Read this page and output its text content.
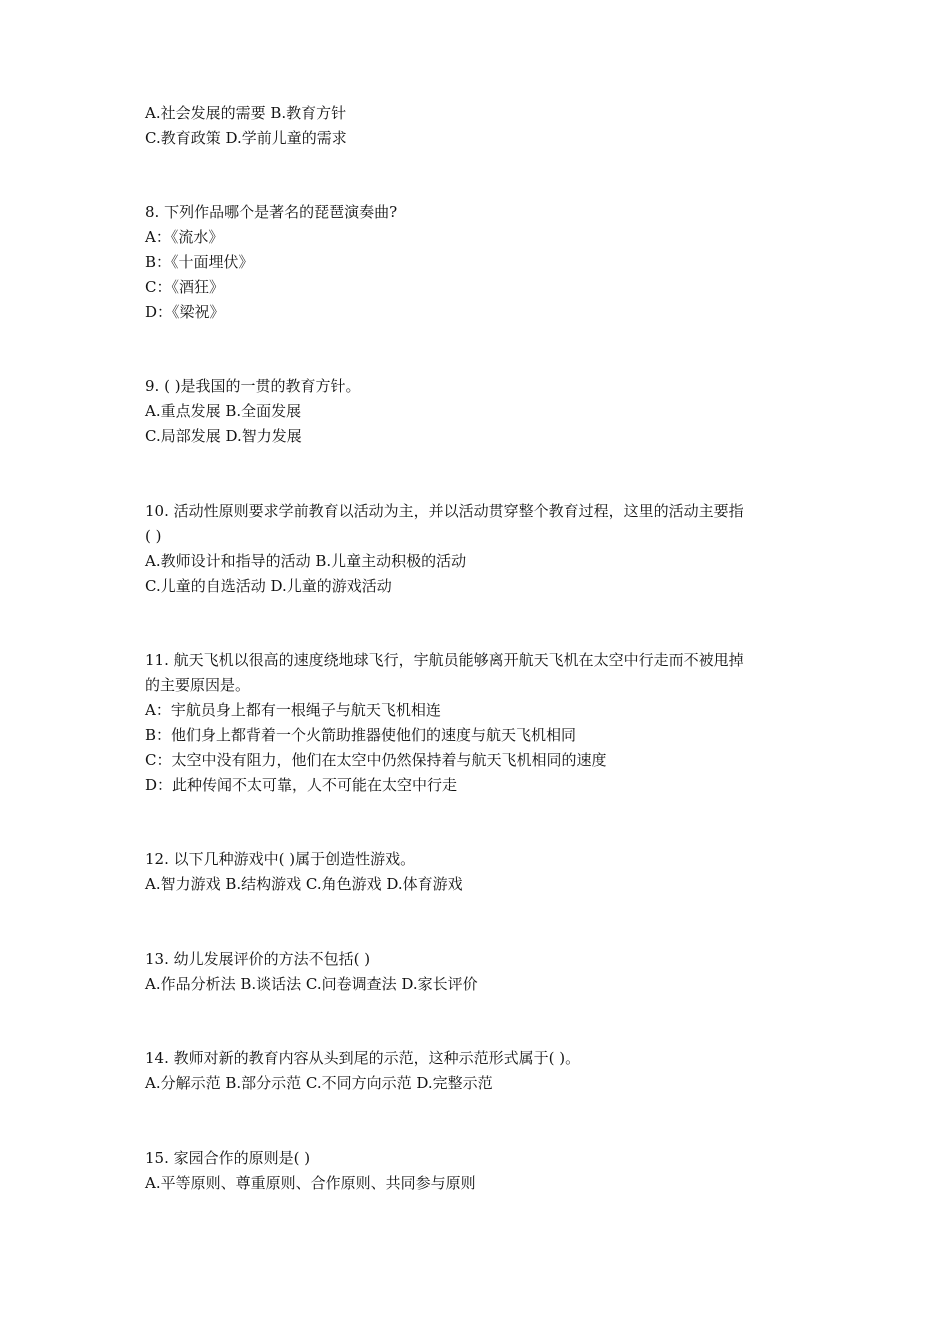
A.社会发展的需要 B.教育方针
C.教育政策 D.学前儿童的需求
8. 下列作品哪个是著名的琵琶演奏曲?
A：《流水》
B：《十面埋伏》
C：《酒狂》
D：《梁祝》
9. ( )是我国的一贯的教育方针。
A.重点发展 B.全面发展
C.局部发展 D.智力发展
10. 活动性原则要求学前教育以活动为主，并以活动贯穿整个教育过程，这里的活动主要指
( )
A.教师设计和指导的活动 B.儿童主动积极的活动
C.儿童的自选活动 D.儿童的游戏活动
11. 航天飞机以很高的速度绕地球飞行，宇航员能够离开航天飞机在太空中行走而不被甩掉
的主要原因是。
A：宇航员身上都有一根绳子与航天飞机相连
B：他们身上都背着一个火箭助推器使他们的速度与航天飞机相同
C：太空中没有阻力，他们在太空中仍然保持着与航天飞机相同的速度
D：此种传闻不太可靠，人不可能在太空中行走
12. 以下几种游戏中( )属于创造性游戏。
A.智力游戏 B.结构游戏 C.角色游戏 D.体育游戏
13. 幼儿发展评价的方法不包括( )
A.作品分析法 B.谈话法 C.问卷调查法 D.家长评价
14. 教师对新的教育内容从头到尾的示范，这种示范形式属于( )。
A.分解示范 B.部分示范 C.不同方向示范 D.完整示范
15. 家园合作的原则是( )
A.平等原则、尊重原则、合作原则、共同参与原则
